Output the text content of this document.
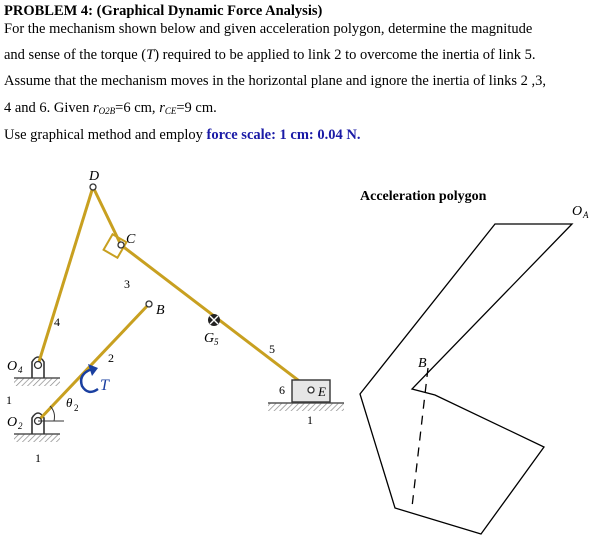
PROBLEM 4: (Graphical Dynamic Force Analysis)
For the mechanism shown below and given acceleration polygon, determine the magnitude
and sense of the torque (T) required to be applied to link 2 to overcome the inertia of link 5.
Assume that the mechanism moves in the horizontal plane and ignore the inertia of links 2 ,3,
4 and 6. Given $r_{O2B}=6$ cm, $r_{CE}=9$ cm.
Use graphical method and employ force scale: 1 cm: 0.04 N.
D
C
B
G 5
E
O 4
O 2
T
θ 2
2
3
4
5
6
1
1
1
Acceleration polygon
O A
B
